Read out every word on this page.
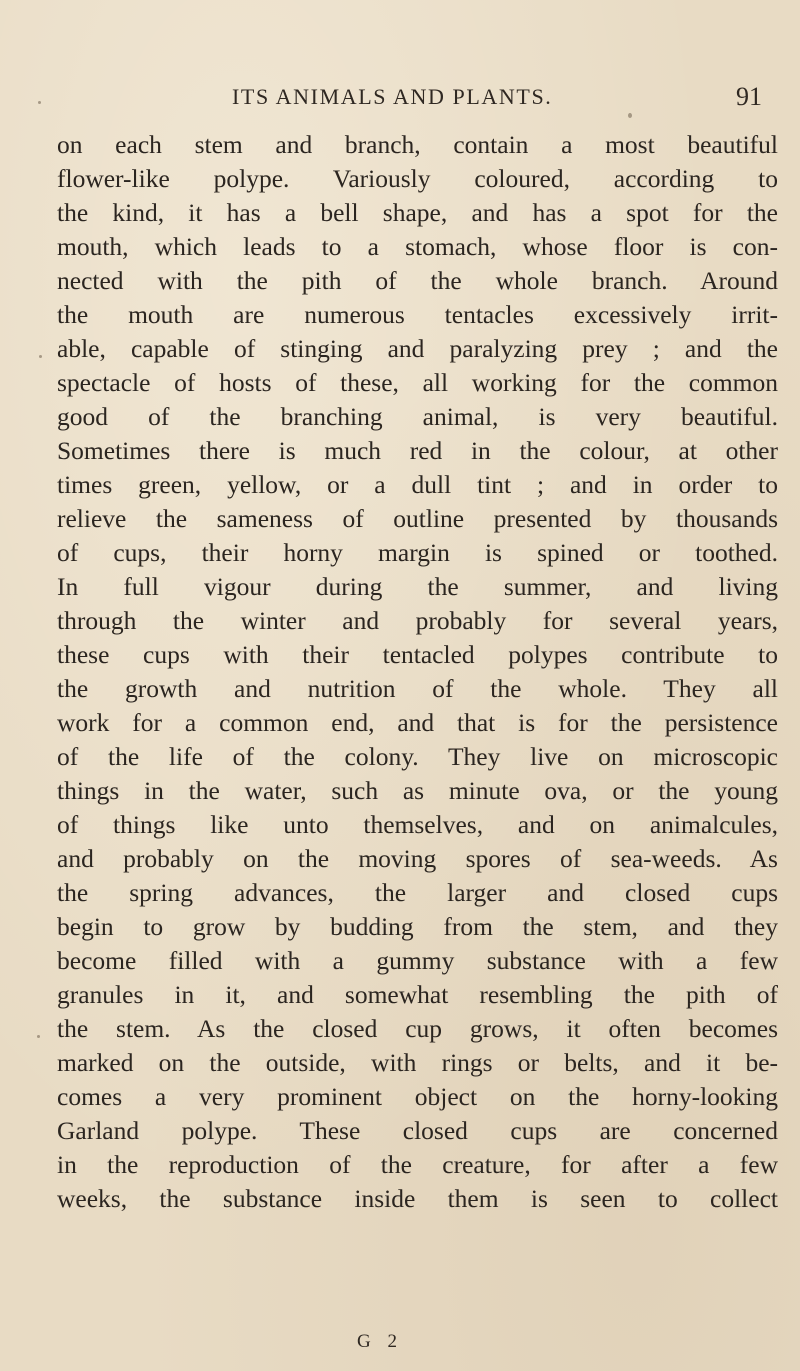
ITS ANIMALS AND PLANTS.	91
on each stem and branch, contain a most beautiful
flower-like polype. Variously coloured, according to
the kind, it has a bell shape, and has a spot for the
mouth, which leads to a stomach, whose floor is con-
nected with the pith of the whole branch. Around
the mouth are numerous tentacles excessively irrit-
able, capable of stinging and paralyzing prey ; and the
spectacle of hosts of these, all working for the common
good of the branching animal, is very beautiful.
Sometimes there is much red in the colour, at other
times green, yellow, or a dull tint ; and in order to
relieve the sameness of outline presented by thousands
of cups, their horny margin is spined or toothed.
In full vigour during the summer, and living
through the winter and probably for several years,
these cups with their tentacled polypes contribute to
the growth and nutrition of the whole. They all
work for a common end, and that is for the persistence
of the life of the colony. They live on microscopic
things in the water, such as minute ova, or the young
of things like unto themselves, and on animalcules,
and probably on the moving spores of sea-weeds. As
the spring advances, the larger and closed cups
begin to grow by budding from the stem, and they
become filled with a gummy substance with a few
granules in it, and somewhat resembling the pith of
the stem. As the closed cup grows, it often becomes
marked on the outside, with rings or belts, and it be-
comes a very prominent object on the horny-looking
Garland polype. These closed cups are concerned
in the reproduction of the creature, for after a few
weeks, the substance inside them is seen to collect
G 2
